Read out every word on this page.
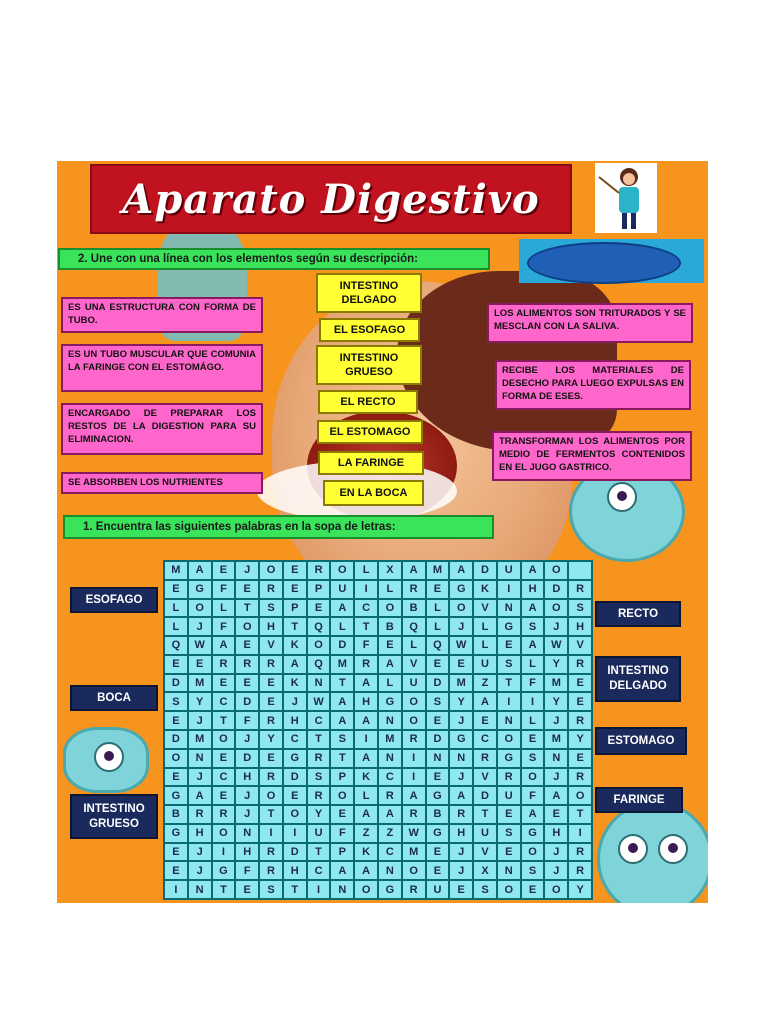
Aparato Digestivo
2. Une con una línea con los elementos según su descripción:
ES UNA ESTRUCTURA CON FORMA DE TUBO.
ES UN TUBO MUSCULAR QUE COMUNIA LA FARINGE CON EL ESTOMÁGO.
ENCARGADO DE PREPARAR LOS RESTOS DE LA DIGESTION PARA SU ELIMINACION.
SE ABSORBEN LOS NUTRIENTES
LOS ALIMENTOS SON TRITURADOS Y SE MESCLAN CON LA SALIVA.
RECIBE LOS MATERIALES DE DESECHO PARA LUEGO EXPULSAS EN FORMA DE ESES.
TRANSFORMAN LOS ALIMENTOS POR MEDIO DE FERMENTOS CONTENIDOS EN EL JUGO GASTRICO.
INTESTINO DELGADO
EL ESOFAGO
INTESTINO GRUESO
EL RECTO
EL ESTOMAGO
LA FARINGE
EN LA BOCA
1. Encuentra las siguientes palabras en la sopa de letras:
M	A	E	J	O	E	R	O	L	X	A	M	A	D	U	A	O
E	G	F	E	R	E	P	U	I	L	R	E	G	K	I	H	D	R
L	O	L	T	S	P	E	A	C	O	B	L	O	V	N	A	O	S
L	J	F	O	H	T	Q	L	T	B	Q	L	J	L	G	S	J	H
Q	W	A	E	V	K	O	D	F	E	L	Q	W	L	E	A	W	V
E	E	R	R	R	A	Q	M	R	A	V	E	E	U	S	L	Y	R
D	M	E	E	E	K	N	T	A	L	U	D	M	Z	T	F	M	E
S	Y	C	D	E	J	W	A	H	G	O	S	Y	A	I	I	Y	E
E	J	T	F	R	H	C	A	A	N	O	E	J	E	N	L	J	R
D	M	O	J	Y	C	T	S	I	M	R	D	G	C	O	E	M	Y
O	N	E	D	E	G	R	T	A	N	I	N	N	R	G	S	N	E
E	J	C	H	R	D	S	P	K	C	I	E	J	V	R	O	J	R
G	A	E	J	O	E	R	O	L	R	A	G	A	D	U	F	A	O
B	R	R	J	T	O	Y	E	A	A	R	B	R	T	E	A	E	T
G	H	O	N	I	I	U	F	Z	Z	W	G	H	U	S	G	H	I
E	J	I	H	R	D	T	P	K	C	M	E	J	V	E	O	J	R
E	J	G	F	R	H	C	A	A	N	O	E	J	X	N	S	J	R
I	N	T	E	S	T	I	N	O	G	R	U	E	S	O	E	O	Y
ESOFAGO
BOCA
INTESTINO GRUESO
RECTO
INTESTINO DELGADO
ESTOMAGO
FARINGE
